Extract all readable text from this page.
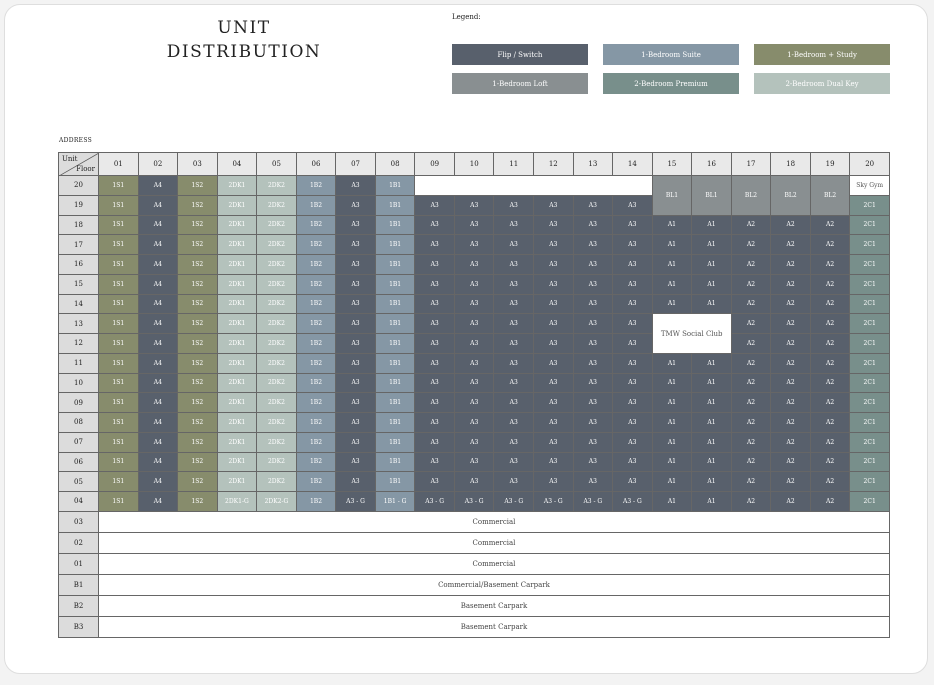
UNIT
DISTRIBUTION
Legend:
Flip / Switch	1-Bedroom Suite	1-Bedroom + Study
1-Bedroom Loft	2-Bedroom Premium	2-Bedroom Dual Key
ADDRESS
Unit
Floor	01	02	03	04	05	06	07	08	09	10	11	12	13	14	15	16	17	18	19	20
20	1S1	A4	1S2	2DK1	2DK2	1B2	A3	1B1							BL1	BL1	BL2	BL2	BL2	Sky Gym
19	1S1	A4	1S2	2DK1	2DK2	1B2	A3	1B1	A3	A3	A3	A3	A3	A3						2C1
18	1S1	A4	1S2	2DK1	2DK2	1B2	A3	1B1	A3	A3	A3	A3	A3	A3	A1	A1	A2	A2	A2	2C1
17	1S1	A4	1S2	2DK1	2DK2	1B2	A3	1B1	A3	A3	A3	A3	A3	A3	A1	A1	A2	A2	A2	2C1
16	1S1	A4	1S2	2DK1	2DK2	1B2	A3	1B1	A3	A3	A3	A3	A3	A3	A1	A1	A2	A2	A2	2C1
15	1S1	A4	1S2	2DK1	2DK2	1B2	A3	1B1	A3	A3	A3	A3	A3	A3	A1	A1	A2	A2	A2	2C1
14	1S1	A4	1S2	2DK1	2DK2	1B2	A3	1B1	A3	A3	A3	A3	A3	A3	A1	A1	A2	A2	A2	2C1
13	1S1	A4	1S2	2DK1	2DK2	1B2	A3	1B1	A3	A3	A3	A3	A3	A3	TMW Social Club		A2	A2	A2	2C1
12	1S1	A4	1S2	2DK1	2DK2	1B2	A3	1B1	A3	A3	A3	A3	A3	A3			A2	A2	A2	2C1
11	1S1	A4	1S2	2DK1	2DK2	1B2	A3	1B1	A3	A3	A3	A3	A3	A3	A1	A1	A2	A2	A2	2C1
10	1S1	A4	1S2	2DK1	2DK2	1B2	A3	1B1	A3	A3	A3	A3	A3	A3	A1	A1	A2	A2	A2	2C1
09	1S1	A4	1S2	2DK1	2DK2	1B2	A3	1B1	A3	A3	A3	A3	A3	A3	A1	A1	A2	A2	A2	2C1
08	1S1	A4	1S2	2DK1	2DK2	1B2	A3	1B1	A3	A3	A3	A3	A3	A3	A1	A1	A2	A2	A2	2C1
07	1S1	A4	1S2	2DK1	2DK2	1B2	A3	1B1	A3	A3	A3	A3	A3	A3	A1	A1	A2	A2	A2	2C1
06	1S1	A4	1S2	2DK1	2DK2	1B2	A3	1B1	A3	A3	A3	A3	A3	A3	A1	A1	A2	A2	A2	2C1
05	1S1	A4	1S2	2DK1	2DK2	1B2	A3	1B1	A3	A3	A3	A3	A3	A3	A1	A1	A2	A2	A2	2C1
04	1S1	A4	1S2	2DK1-G	2DK2-G	1B2	A3 - G	1B1 - G	A3 - G	A3 - G	A3 - G	A3 - G	A3 - G	A3 - G	A1	A1	A2	A2	A2	2C1
03	Commercial																			
02	Commercial																			
01	Commercial																			
B1	Commercial/Basement Carpark																			
B2	Basement Carpark																			
B3	Basement Carpark																			
